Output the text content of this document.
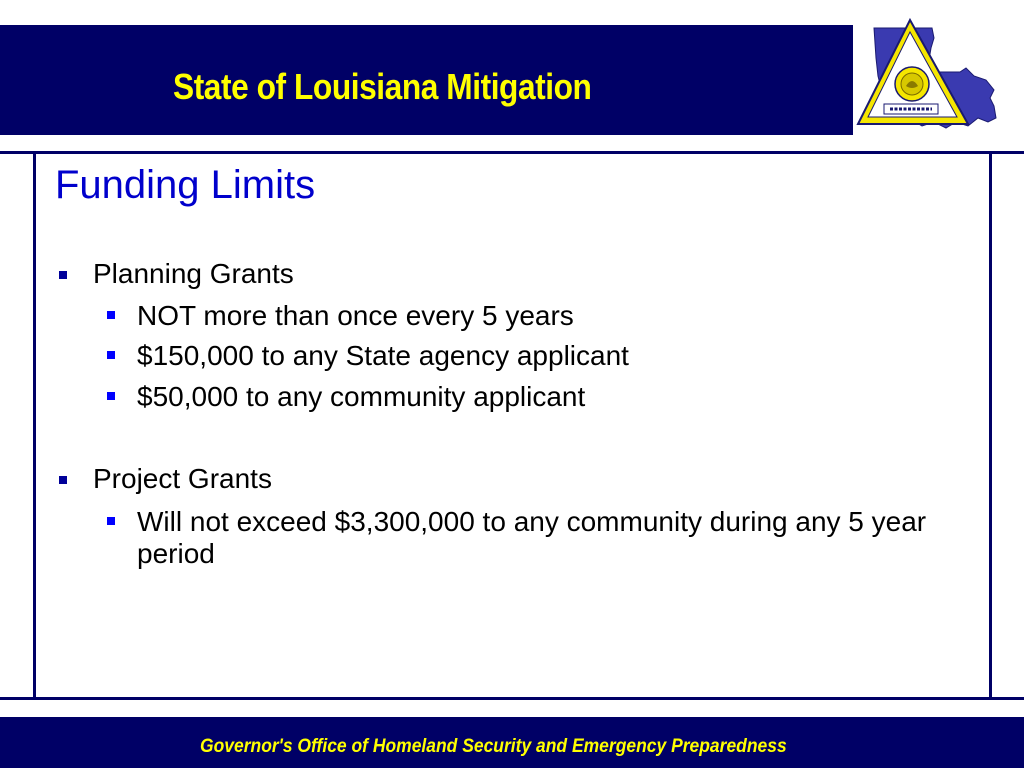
State of Louisiana Mitigation
Funding Limits
Planning Grants
NOT more than once every 5 years
$150,000 to any State agency applicant
$50,000 to any community applicant
Project Grants
Will not exceed $3,300,000 to any community during any 5 year period

Governor's Office of Homeland Security and Emergency Preparedness
